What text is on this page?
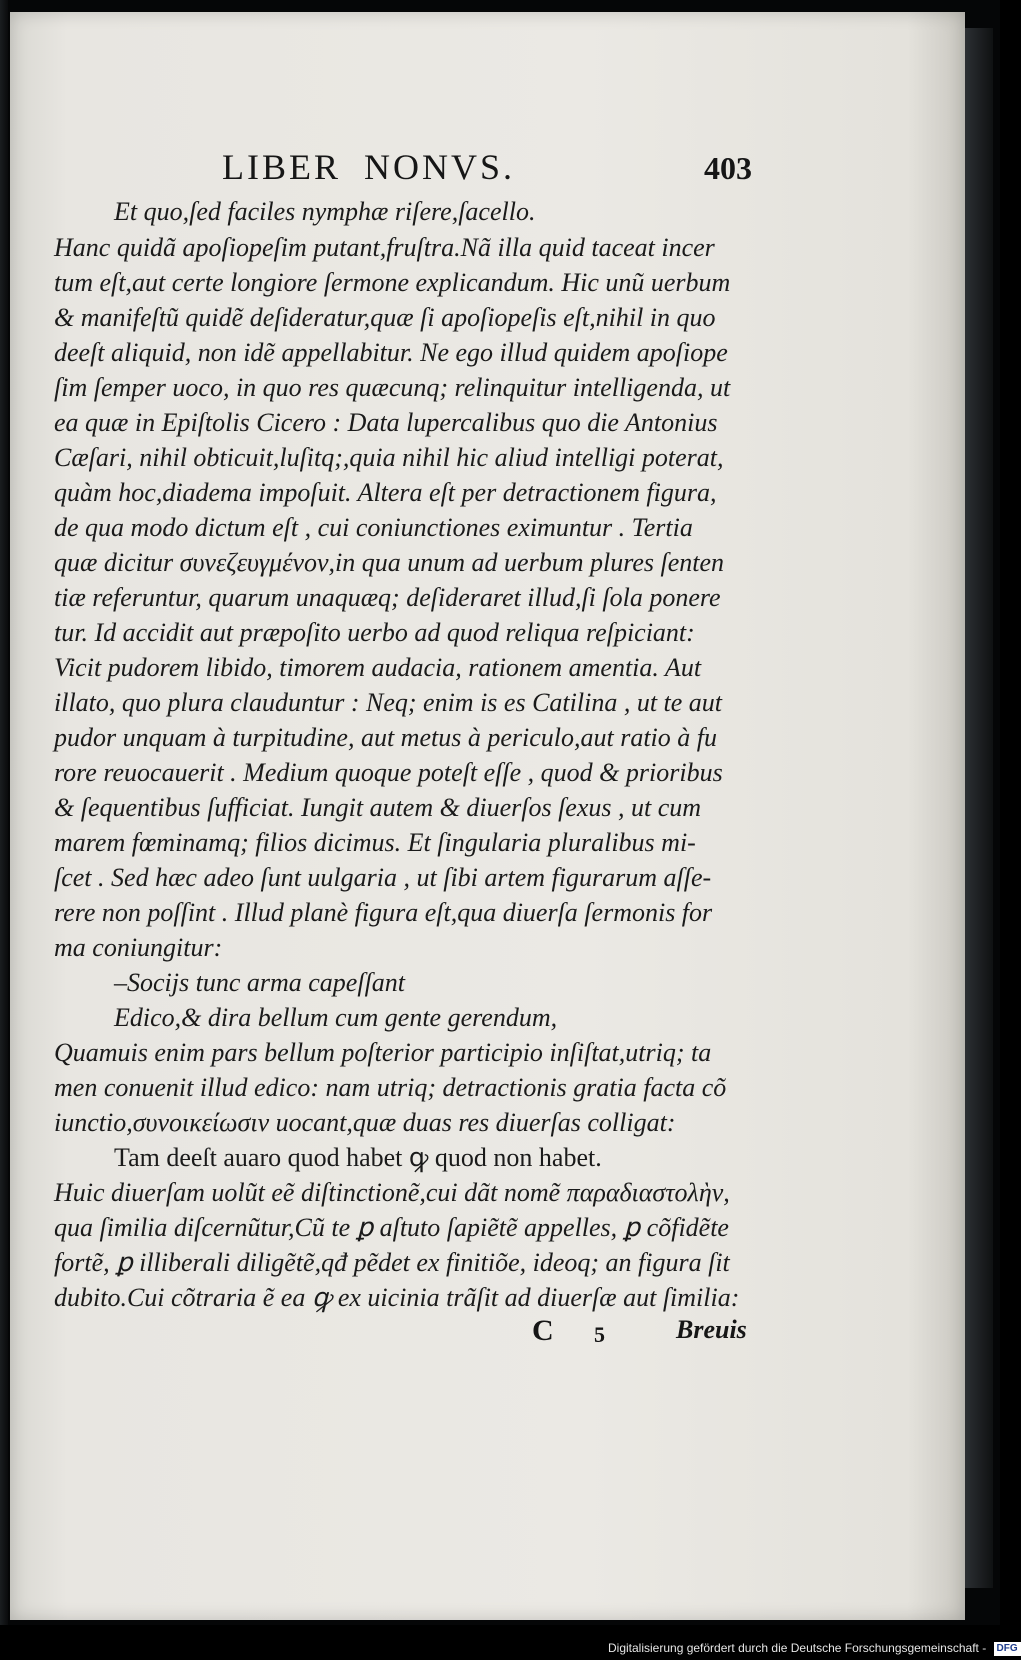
LIBER NONVS.	403
Et quo,ſed faciles nymphæ riſere,ſacello.
Hanc quidã apoſiopeſim putant,fruſtra.Nã illa quid taceat incer
tum eſt,aut certe longiore ſermone explicandum. Hic unũ uerbum
& manifeſtũ quidẽ deſideratur,quæ ſi apoſiopeſis eſt,nihil in quo
deeſt aliquid, non idẽ appellabitur. Ne ego illud quidem apoſiope
ſim ſemper uoco, in quo res quæcunq; relinquitur intelligenda, ut
ea quæ in Epiſtolis Cicero : Data lupercalibus quo die Antonius
Cæſari, nihil obticuit,luſitq;,quia nihil hic aliud intelligi poterat,
quàm hoc,diadema impoſuit. Altera eſt per detractionem figura,
de qua modo dictum eſt , cui coniunctiones eximuntur . Tertia
quæ dicitur συνεζευγμένον,in qua unum ad uerbum plures ſenten
tiæ referuntur, quarum unaquæq; deſideraret illud,ſi ſola ponere
tur. Id accidit aut præpoſito uerbo ad quod reliqua reſpiciant:
Vicit pudorem libido, timorem audacia, rationem amentia. Aut
illato, quo plura clauduntur : Neq; enim is es Catilina , ut te aut
pudor unquam à turpitudine, aut metus à periculo,aut ratio à fu
rore reuocauerit . Medium quoque poteſt eſſe , quod & prioribus
& ſequentibus ſufficiat. Iungit autem & diuerſos ſexus , ut cum
marem fœminamq; filios dicimus. Et ſingularia pluralibus mi-
ſcet . Sed hæc adeo ſunt uulgaria , ut ſibi artem figurarum aſſe-
rere non poſſint . Illud planè figura eſt,qua diuerſa ſermonis for
ma coniungitur:
–Socijs tunc arma capeſſant
Edico,& dira bellum cum gente gerendum,
Quamuis enim pars bellum poſterior participio inſiſtat,utriq; ta
men conuenit illud edico: nam utriq; detractionis gratia facta cõ
iunctio,συνοικείωσιν uocant,quæ duas res diuerſas colligat:
Tam deeſt auaro quod habet ꝙ quod non habet.
Huic diuerſam uolũt eẽ diſtinctionẽ,cui dãt nomẽ παραδιαστολὴν,
qua ſimilia diſcernũtur,Cũ te ꝑ aſtuto ſapiẽtẽ appelles, ꝑ cõfidẽte
fortẽ, ꝑ illiberali diligẽtẽ,qđ pẽdet ex finitiõe, ideoq; an figura ſit
dubito.Cui cõtraria ẽ ea ꝙ ex uicinia trãſit ad diuerſæ aut ſimilia:
C 5	Breuis
Digitalisierung gefördert durch die Deutsche Forschungsgemeinschaft - DFG
